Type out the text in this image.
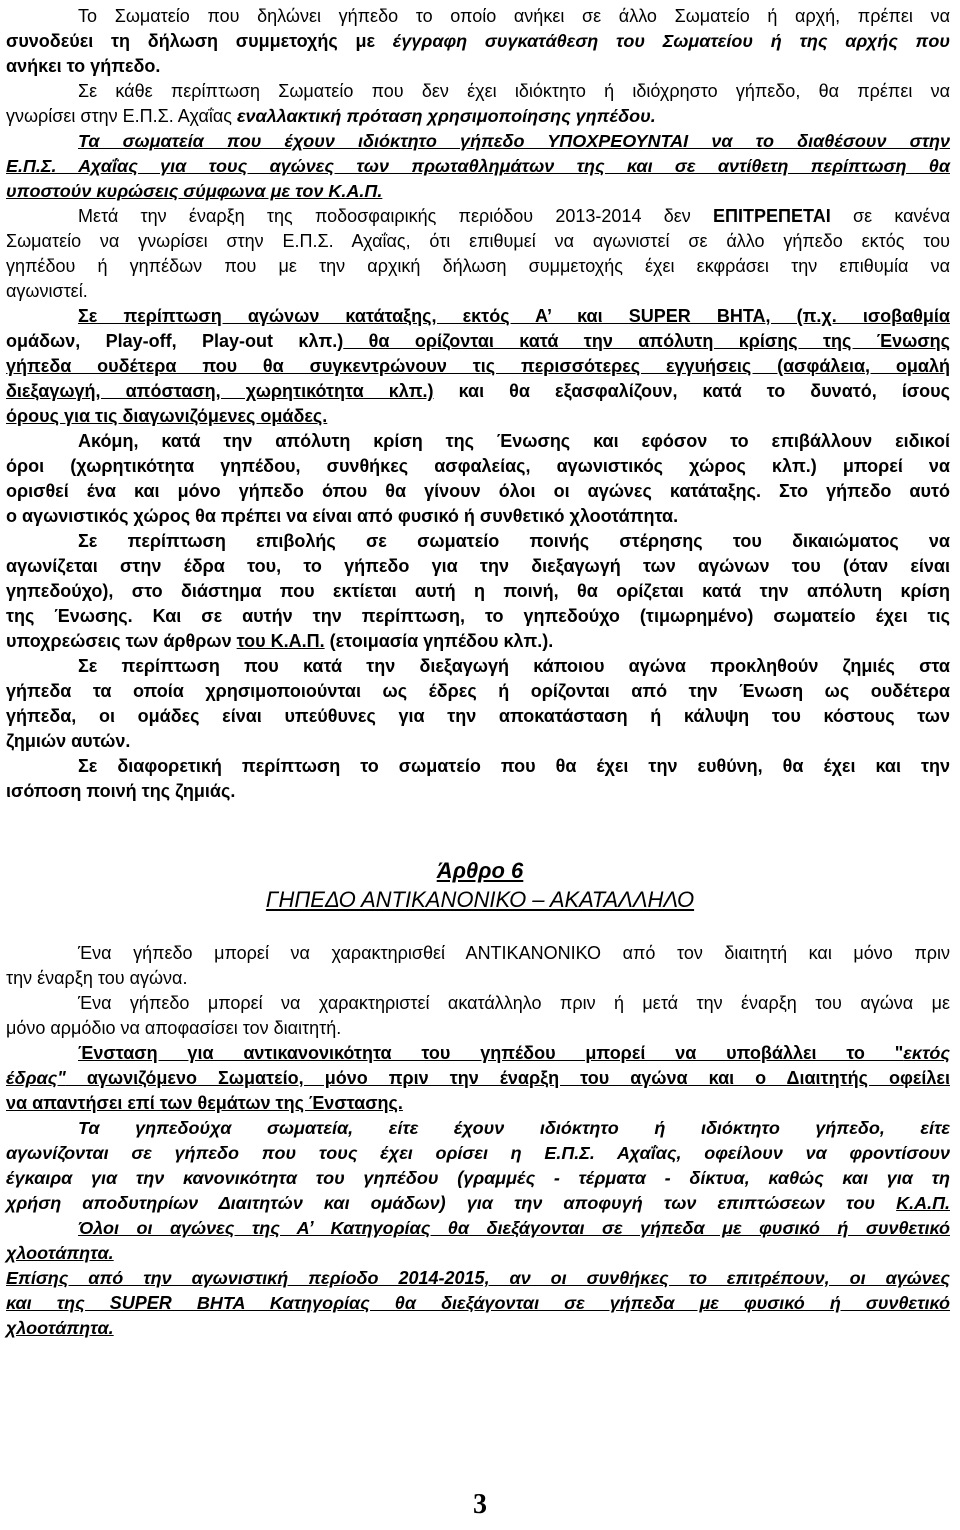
Το Σωματείο που δηλώνει γήπεδο το οποίο ανήκει σε άλλο Σωματείο ή αρχή, πρέπει να
συνοδεύει τη δήλωση συμμετοχής με έγγραφη συγκατάθεση του Σωματείου ή της αρχής που
ανήκει το γήπεδο.
Σε κάθε περίπτωση Σωματείο που δεν έχει ιδιόκτητο ή ιδιόχρηστο γήπεδο, θα πρέπει να
γνωρίσει στην Ε.Π.Σ. Αχαΐας εναλλακτική πρόταση χρησιμοποίησης γηπέδου.
Τα σωματεία που έχουν ιδιόκτητο γήπεδο ΥΠΟΧΡΕΟΥΝΤΑΙ να το διαθέσουν στην
Ε.Π.Σ. Αχαΐας για τους αγώνες των πρωταθλημάτων της και σε αντίθετη περίπτωση θα
υποστούν κυρώσεις σύμφωνα με τον Κ.Α.Π.
Μετά την έναρξη της ποδοσφαιρικής περιόδου 2013-2014 δεν ΕΠΙΤΡΕΠΕΤΑΙ σε κανένα
Σωματείο να γνωρίσει στην Ε.Π.Σ. Αχαΐας, ότι επιθυμεί να αγωνιστεί σε άλλο γήπεδο εκτός του
γηπέδου ή γηπέδων που με την αρχική δήλωση συμμετοχής έχει εκφράσει την επιθυμία να
αγωνιστεί.
Σε περίπτωση αγώνων κατάταξης, εκτός Α’ και SUPER ΒΗΤΑ, (π.χ. ισοβαθμία
ομάδων, Play-off, Play-out κλπ.) θα ορίζονται κατά την απόλυτη κρίσης της Ένωσης
γήπεδα ουδέτερα που θα συγκεντρώνουν τις περισσότερες εγγυήσεις (ασφάλεια, ομαλή
διεξαγωγή, απόσταση, χωρητικότητα κλπ.) και θα εξασφαλίζουν, κατά το δυνατό, ίσους
όρους για τις διαγωνιζόμενες ομάδες.
Ακόμη, κατά την απόλυτη κρίση της Ένωσης και εφόσον το επιβάλλουν ειδικοί
όροι (χωρητικότητα γηπέδου, συνθήκες ασφαλείας, αγωνιστικός χώρος κλπ.) μπορεί να
ορισθεί ένα και μόνο γήπεδο όπου θα γίνουν όλοι οι αγώνες κατάταξης. Στο γήπεδο αυτό
ο αγωνιστικός χώρος θα πρέπει να είναι από φυσικό ή συνθετικό χλοοτάπητα.
Σε περίπτωση επιβολής σε σωματείο ποινής στέρησης του δικαιώματος να
αγωνίζεται στην έδρα του, το γήπεδο για την διεξαγωγή των αγώνων του (όταν είναι
γηπεδούχο), στο διάστημα που εκτίεται αυτή η ποινή, θα ορίζεται κατά την απόλυτη κρίση
της Ένωσης. Και σε αυτήν την περίπτωση, το γηπεδούχο (τιμωρημένο) σωματείο έχει τις
υποχρεώσεις των άρθρων του Κ.Α.Π. (ετοιμασία γηπέδου κλπ.).
Σε περίπτωση που κατά την διεξαγωγή κάποιου αγώνα προκληθούν ζημιές στα
γήπεδα τα οποία χρησιμοποιούνται ως έδρες ή ορίζονται από την Ένωση ως ουδέτερα
γήπεδα, οι ομάδες είναι υπεύθυνες για την αποκατάσταση ή κάλυψη του κόστους των
ζημιών αυτών.
Σε διαφορετική περίπτωση το σωματείο που θα έχει την ευθύνη, θα έχει και την
ισόποση ποινή της ζημιάς.
Άρθρο 6
ΓΗΠΕΔΟ ΑΝΤΙΚΑΝΟΝΙΚΟ – ΑΚΑΤΑΛΛΗΛΟ
Ένα γήπεδο μπορεί να χαρακτηρισθεί ΑΝΤΙΚΑΝΟΝΙΚΟ από τον διαιτητή και μόνο πριν
την έναρξη του αγώνα.
Ένα γήπεδο μπορεί να χαρακτηριστεί ακατάλληλο πριν ή μετά την έναρξη του αγώνα με
μόνο αρμόδιο να αποφασίσει τον διαιτητή.
Ένσταση για αντικανονικότητα του γηπέδου μπορεί να υποβάλλει το "εκτός
έδρας" αγωνιζόμενο Σωματείο, μόνο πριν την έναρξη του αγώνα και ο Διαιτητής οφείλει
να απαντήσει επί των θεμάτων της Ένστασης.
Τα γηπεδούχα σωματεία, είτε έχουν ιδιόκτητο ή ιδιόκτητο γήπεδο, είτε
αγωνίζονται σε γήπεδο που τους έχει ορίσει η Ε.Π.Σ. Αχαΐας, οφείλουν να φροντίσουν
έγκαιρα για την κανονικότητα του γηπέδου (γραμμές - τέρματα - δίκτυα, καθώς και για τη
χρήση αποδυτηρίων Διαιτητών και ομάδων) για την αποφυγή των επιπτώσεων του Κ.Α.Π.
Όλοι οι αγώνες της Α’ Κατηγορίας θα διεξάγονται σε γήπεδα με φυσικό ή συνθετικό
χλοοτάπητα.
Επίσης από την αγωνιστική περίοδο 2014-2015, αν οι συνθήκες το επιτρέπουν, οι αγώνες
και της SUPER ΒΗΤΑ Κατηγορίας θα διεξάγονται σε γήπεδα με φυσικό ή συνθετικό
χλοοτάπητα.
3
